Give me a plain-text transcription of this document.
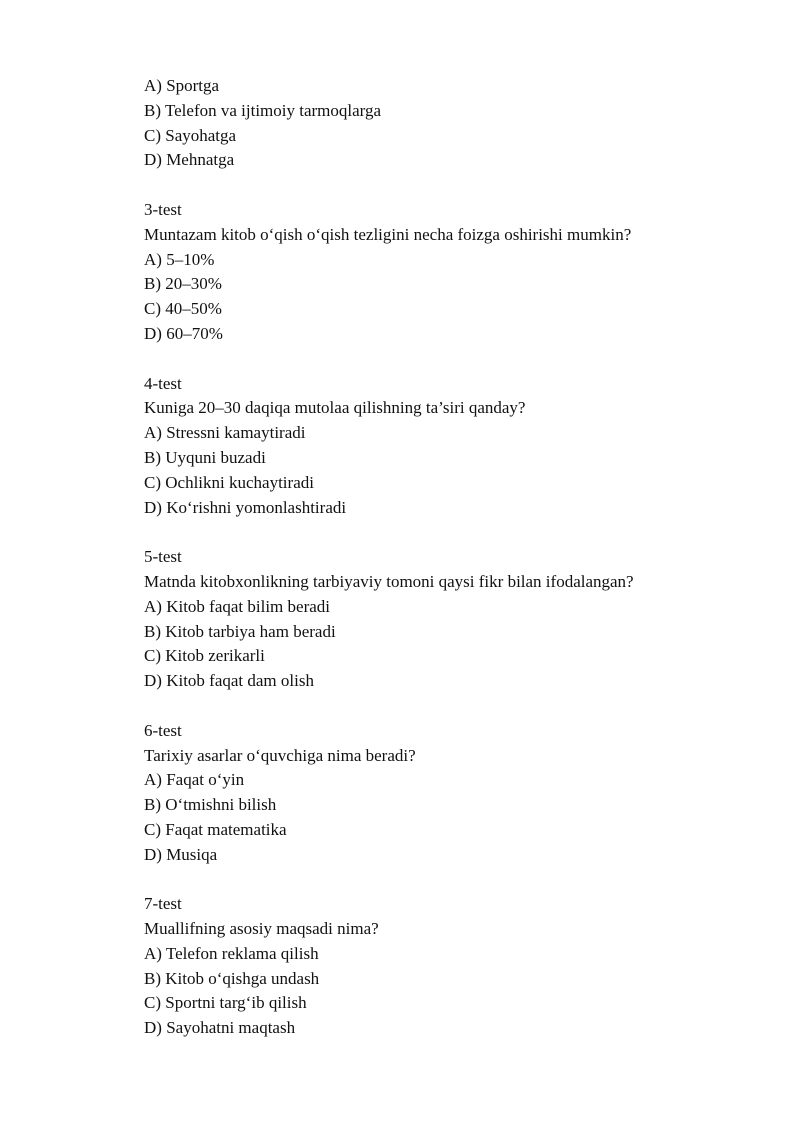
A) Sportga
B) Telefon va ijtimoiy tarmoqlarga
C) Sayohatga
D) Mehnatga
3-test
Muntazam kitob o‘qish o‘qish tezligini necha foizga oshirishi mumkin?
A) 5–10%
B) 20–30%
C) 40–50%
D) 60–70%
4-test
Kuniga 20–30 daqiqa mutolaa qilishning ta’siri qanday?
A) Stressni kamaytiradi
B) Uyquni buzadi
C) Ochlikni kuchaytiradi
D) Ko‘rishni yomonlashtiradi
5-test
Matnda kitobxonlikning tarbiyaviy tomoni qaysi fikr bilan ifodalangan?
A) Kitob faqat bilim beradi
B) Kitob tarbiya ham beradi
C) Kitob zerikarli
D) Kitob faqat dam olish
6-test
Tarixiy asarlar o‘quvchiga nima beradi?
A) Faqat o‘yin
B) O‘tmishni bilish
C) Faqat matematika
D) Musiqa
7-test
Muallifning asosiy maqsadi nima?
A) Telefon reklama qilish
B) Kitob o‘qishga undash
C) Sportni targ‘ib qilish
D) Sayohatni maqtash
